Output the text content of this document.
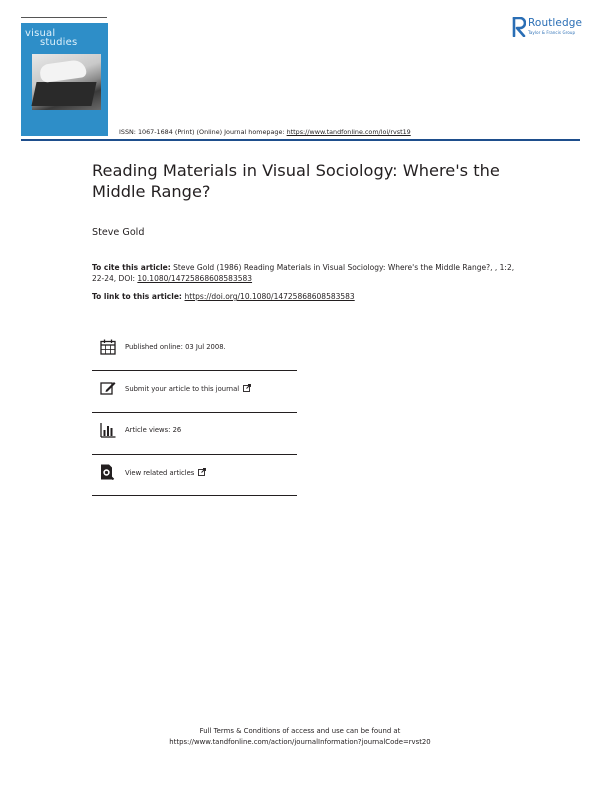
visual
studies
Routledge
Taylor & Francis Group
ISSN: 1067-1684 (Print) (Online) Journal homepage: https://www.tandfonline.com/loi/rvst19
Reading Materials in Visual Sociology: Where's the Middle Range?
Steve Gold
To cite this article: Steve Gold (1986) Reading Materials in Visual Sociology: Where's the Middle Range?, , 1:2, 22-24, DOI: 10.1080/14725868608583583
To link to this article: https://doi.org/10.1080/14725868608583583
Published online: 03 Jul 2008.
Submit your article to this journal
Article views: 26
View related articles
Full Terms & Conditions of access and use can be found at
https://www.tandfonline.com/action/journalInformation?journalCode=rvst20
